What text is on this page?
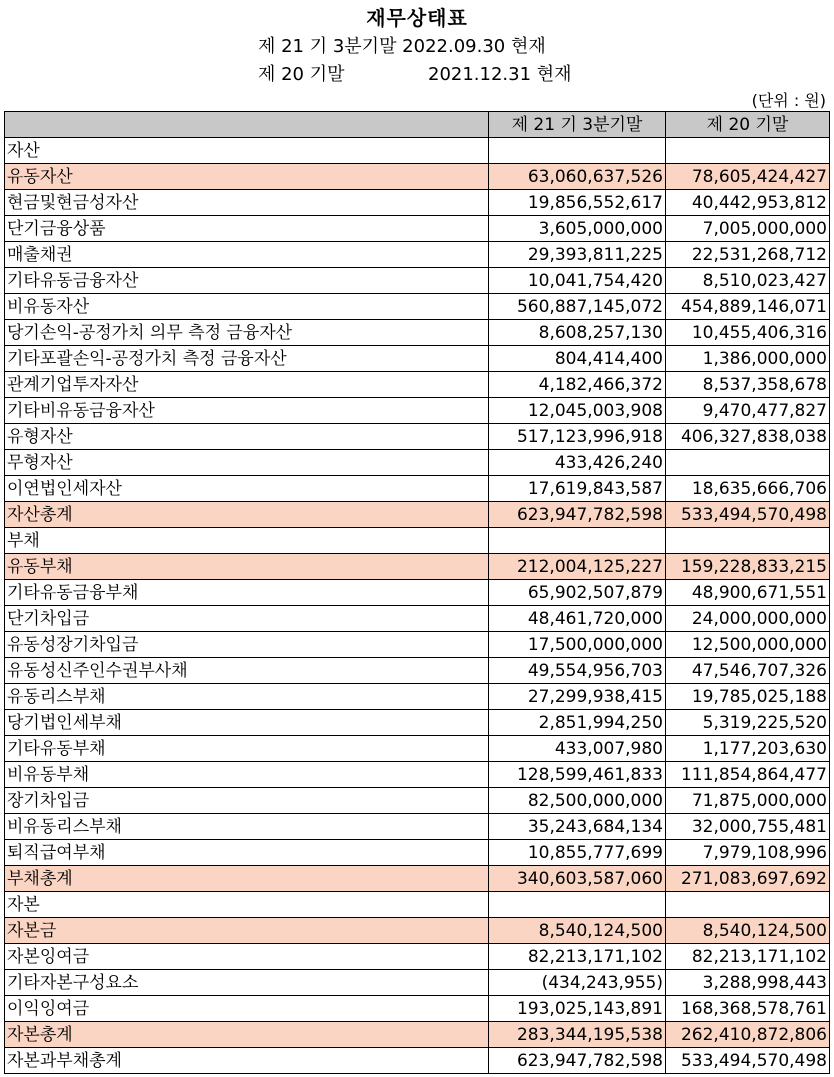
재무상태표
제 21 기 3분기말 2022.09.30 현재
제 20 기말	2021.12.31 현재
(단위 : 원)
	제 21 기 3분기말	제 20 기말
자산		
유동자산	63,060,637,526	78,605,424,427
현금및현금성자산	19,856,552,617	40,442,953,812
단기금융상품	3,605,000,000	7,005,000,000
매출채권	29,393,811,225	22,531,268,712
기타유동금융자산	10,041,754,420	8,510,023,427
비유동자산	560,887,145,072	454,889,146,071
당기손익-공정가치 의무 측정 금융자산	8,608,257,130	10,455,406,316
기타포괄손익-공정가치 측정 금융자산	804,414,400	1,386,000,000
관계기업투자자산	4,182,466,372	8,537,358,678
기타비유동금융자산	12,045,003,908	9,470,477,827
유형자산	517,123,996,918	406,327,838,038
무형자산	433,426,240	
이연법인세자산	17,619,843,587	18,635,666,706
자산총계	623,947,782,598	533,494,570,498
부채		
유동부채	212,004,125,227	159,228,833,215
기타유동금융부채	65,902,507,879	48,900,671,551
단기차입금	48,461,720,000	24,000,000,000
유동성장기차입금	17,500,000,000	12,500,000,000
유동성신주인수권부사채	49,554,956,703	47,546,707,326
유동리스부채	27,299,938,415	19,785,025,188
당기법인세부채	2,851,994,250	5,319,225,520
기타유동부채	433,007,980	1,177,203,630
비유동부채	128,599,461,833	111,854,864,477
장기차입금	82,500,000,000	71,875,000,000
비유동리스부채	35,243,684,134	32,000,755,481
퇴직급여부채	10,855,777,699	7,979,108,996
부채총계	340,603,587,060	271,083,697,692
자본		
자본금	8,540,124,500	8,540,124,500
자본잉여금	82,213,171,102	82,213,171,102
기타자본구성요소	(434,243,955)	3,288,998,443
이익잉여금	193,025,143,891	168,368,578,761
자본총계	283,344,195,538	262,410,872,806
자본과부채총계	623,947,782,598	533,494,570,498
